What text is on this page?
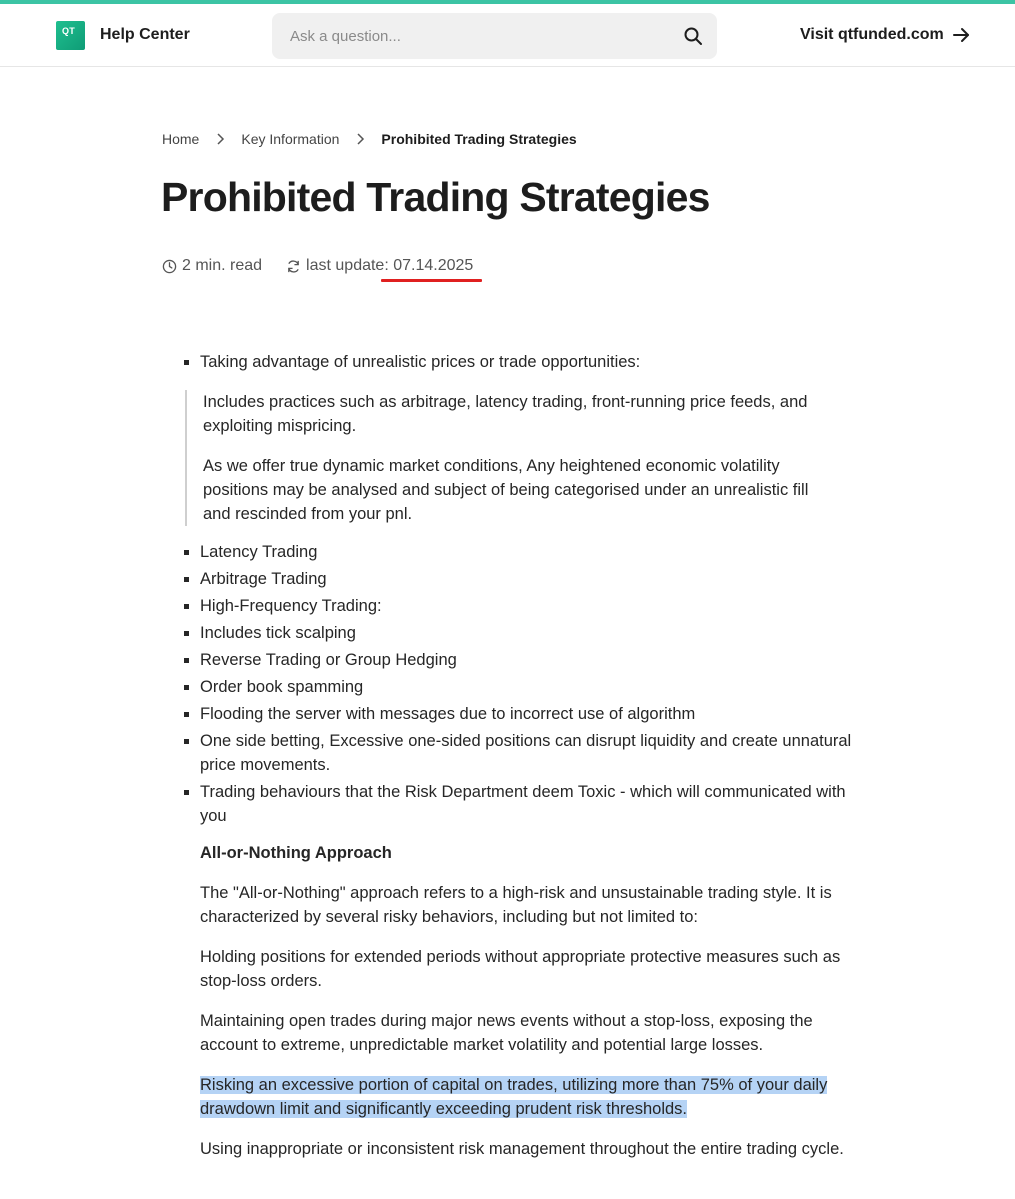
QT Help Center
Ask a question...	Visit qtfunded.com
Home	Key Information	Prohibited Trading Strategies
Prohibited Trading Strategies
2 min. read	last update:
07.14.2025
Taking advantage of unrealistic prices or trade opportunities:

Includes practices such as arbitrage, latency trading, front-running price feeds, and exploiting mispricing.

As we offer true dynamic market conditions, Any heightened economic volatility positions may be analysed and subject of being categorised under an unrealistic fill and rescinded from your pnl.

Latency Trading
Arbitrage Trading
High-Frequency Trading:
Includes tick scalping
Reverse Trading or Group Hedging
Order book spamming
Flooding the server with messages due to incorrect use of algorithm
One side betting, Excessive one-sided positions can disrupt liquidity and create unnatural price movements.
Trading behaviours that the Risk Department deem Toxic - which will communicated with you
All-or-Nothing Approach

The "All-or-Nothing" approach refers to a high-risk and unsustainable trading style. It is characterized by several risky behaviors, including but not limited to:

Holding positions for extended periods without appropriate protective measures such as stop-loss orders.

Maintaining open trades during major news events without a stop-loss, exposing the account to extreme, unpredictable market volatility and potential large losses.

Risking an excessive portion of capital on trades, utilizing more than 75% of your daily drawdown limit and significantly exceeding prudent risk thresholds.

Using inappropriate or inconsistent risk management throughout the entire trading cycle.
